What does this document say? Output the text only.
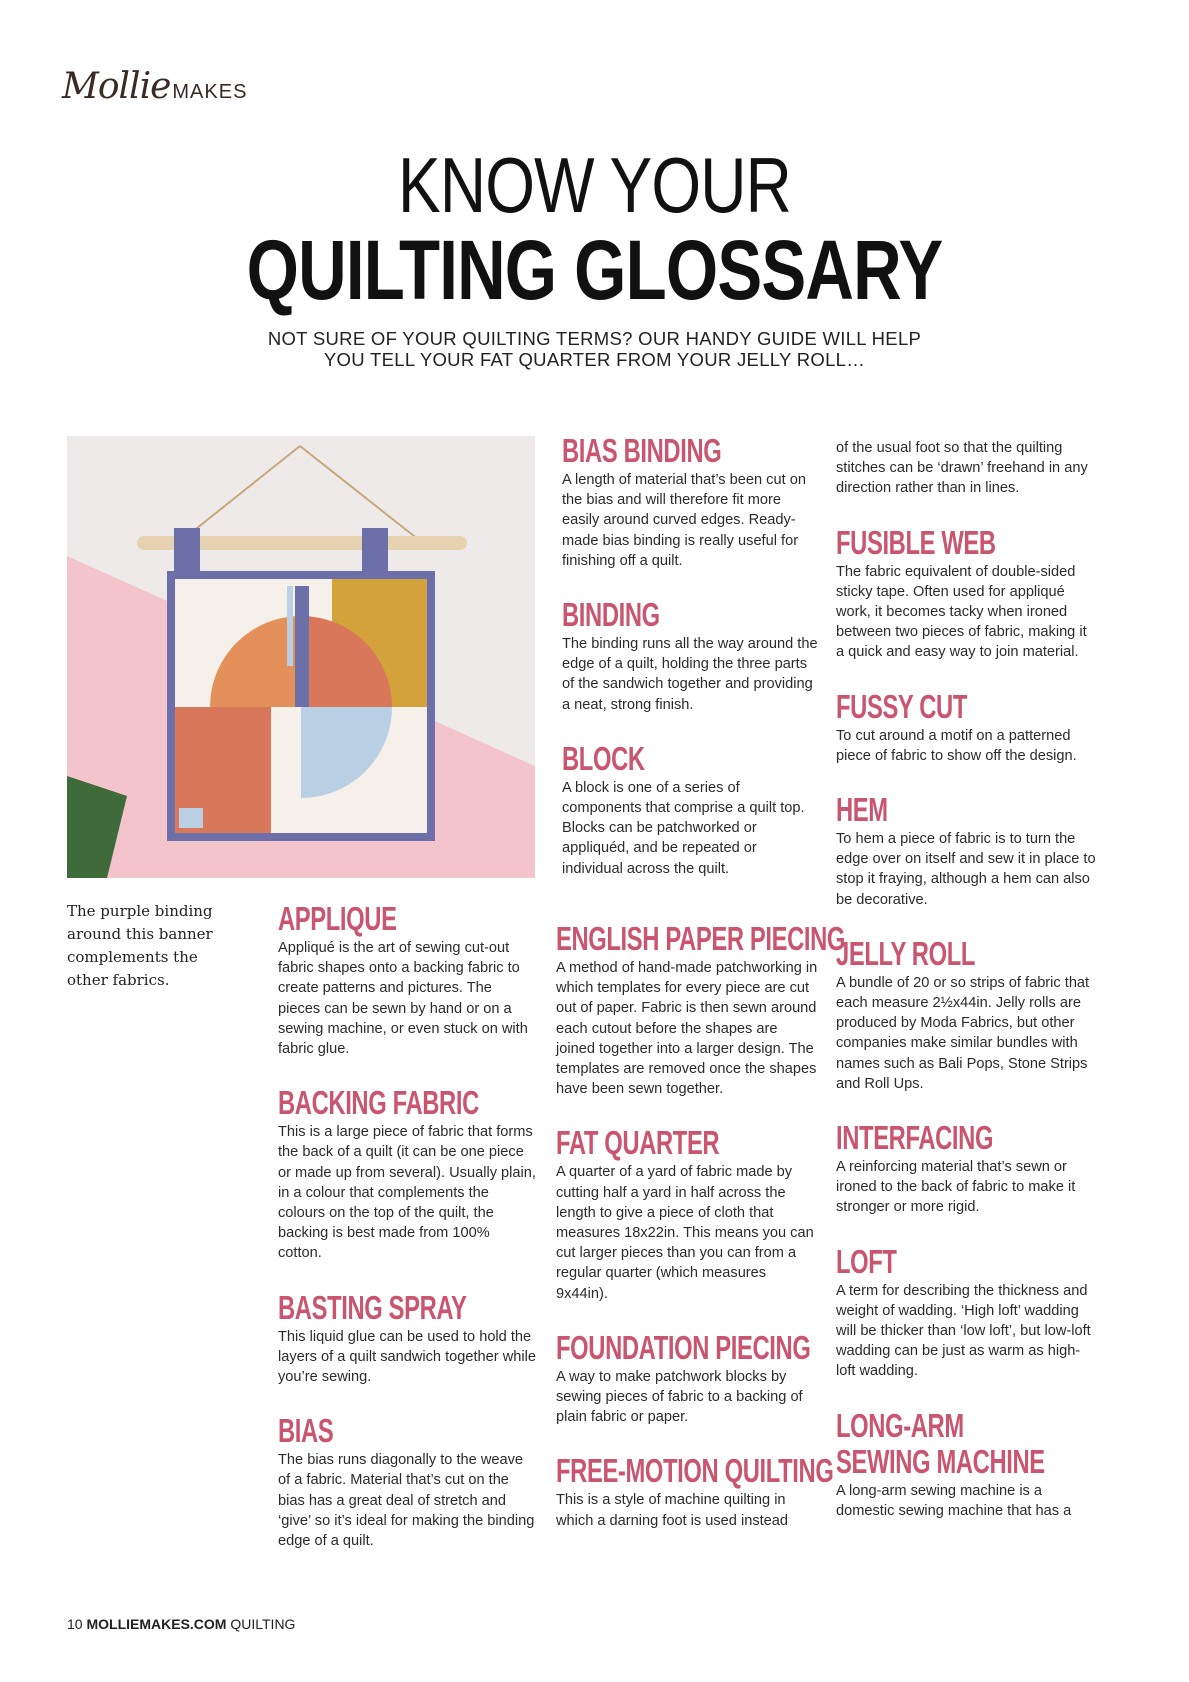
Mollie MAKES
KNOW YOUR
QUILTING GLOSSARY
NOT SURE OF YOUR QUILTING TERMS? OUR HANDY GUIDE WILL HELP
YOU TELL YOUR FAT QUARTER FROM YOUR JELLY ROLL…
The purple binding around this banner complements the other fabrics.
APPLIQUE
Appliqué is the art of sewing cut-out fabric shapes onto a backing fabric to create patterns and pictures. The pieces can be sewn by hand or on a sewing machine, or even stuck on with fabric glue.
BACKING FABRIC
This is a large piece of fabric that forms the back of a quilt (it can be one piece or made up from several). Usually plain, in a colour that complements the colours on the top of the quilt, the backing is best made from 100% cotton.
BASTING SPRAY
This liquid glue can be used to hold the layers of a quilt sandwich together while you’re sewing.
BIAS
The bias runs diagonally to the weave of a fabric. Material that’s cut on the bias has a great deal of stretch and ‘give’ so it’s ideal for making the binding edge of a quilt.
BIAS BINDING
A length of material that’s been cut on the bias and will therefore fit more easily around curved edges. Ready-made bias binding is really useful for finishing off a quilt.
BINDING
The binding runs all the way around the edge of a quilt, holding the three parts of the sandwich together and providing a neat, strong finish.
BLOCK
A block is one of a series of components that comprise a quilt top. Blocks can be patchworked or appliquéd, and be repeated or individual across the quilt.
ENGLISH PAPER PIECING
A method of hand-made patchworking in which templates for every piece are cut out of paper. Fabric is then sewn around each cutout before the shapes are joined together into a larger design. The templates are removed once the shapes have been sewn together.
FAT QUARTER
A quarter of a yard of fabric made by cutting half a yard in half across the length to give a piece of cloth that measures 18x22in. This means you can cut larger pieces than you can from a regular quarter (which measures 9x44in).
FOUNDATION PIECING
A way to make patchwork blocks by sewing pieces of fabric to a backing of plain fabric or paper.
FREE-MOTION QUILTING
This is a style of machine quilting in which a darning foot is used instead
of the usual foot so that the quilting stitches can be ‘drawn’ freehand in any direction rather than in lines.
FUSIBLE WEB
The fabric equivalent of double-sided sticky tape. Often used for appliqué work, it becomes tacky when ironed between two pieces of fabric, making it a quick and easy way to join material.
FUSSY CUT
To cut around a motif on a patterned piece of fabric to show off the design.
HEM
To hem a piece of fabric is to turn the edge over on itself and sew it in place to stop it fraying, although a hem can also be decorative.
JELLY ROLL
A bundle of 20 or so strips of fabric that each measure 2½x44in. Jelly rolls are produced by Moda Fabrics, but other companies make similar bundles with names such as Bali Pops, Stone Strips and Roll Ups.
INTERFACING
A reinforcing material that’s sewn or ironed to the back of fabric to make it stronger or more rigid.
LOFT
A term for describing the thickness and weight of wadding. ‘High loft’ wadding will be thicker than ‘low loft’, but low-loft wadding can be just as warm as high-loft wadding.
LONG-ARM
SEWING MACHINE
A long-arm sewing machine is a domestic sewing machine that has a
10 MOLLIEMAKES.COM QUILTING
